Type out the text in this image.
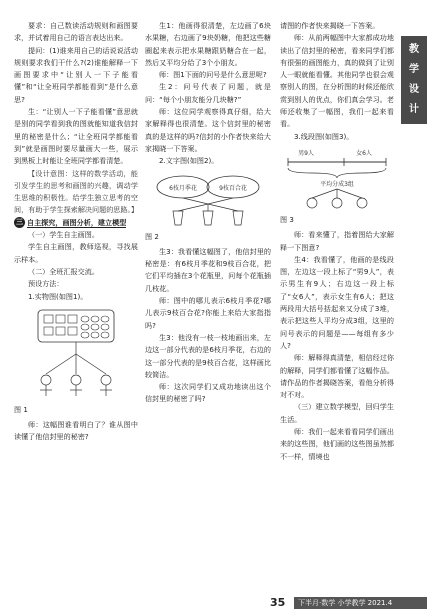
要求：自己数读活动规则和画图要求，并试着用自己的语言表达出来。

提问：(1)谁来用自己的话说说活动规则要求我们干什么?(2)谁能解释一下画图要求中“让别人一下子能看懂”和“让全班同学都能看到”是什么意思?

生：“让别人一下子能看懂”意思就是别的同学看到我的图就能知道我信封里的秘密是什么；“让全班同学都能看到”就是画图时要尽量画大一些，展示到黑板上时能让全班同学都看清楚。

【设计意图：这样的数学活动，能引发学生的思考和画图的兴趣，调动学生思维的积极性。给学生独立思考的空间，有助于学生探索解决问题的思路。】

三 自主探究，画图分析，建立模型

（一）学生自主画图。

学生自主画图，教师巡视，寻找展示样本。

（二）全班汇报交流。

预设方法：

1.实物图(如图1)。

图 1

师：这幅图谁看明白了？谁从图中读懂了他信封里的秘密?

生1：他画得很清楚，左边画了6块水果糖，右边画了9块奶糖，他把这些糖圈起来表示把水果糖跟奶糖合在一起，然后又平均分给了3个小朋友。

师：图1下面的问号是什么意思呢?

生2：问号代表了问题，就是问：“每个小朋友能分几块糖?”

师：这位同学观察得真仔细，给大家解释得也很清楚。这个信封里的秘密真的是这样的吗?信封的小作者快来给大家揭晓一下答案。

2.文字图(如图2)。

6枝月季花	9枝百合花

图 2

生3：我看懂这幅图了，他信封里的秘密是：有6枝月季花和9枝百合花，把它们平均插在3个花瓶里，问每个花瓶插几枝花。

师：图中的哪儿表示6枝月季花?哪儿表示9枝百合花?你能上来给大家指指吗?

生3：他没有一枝一枝地画出来，左边这一部分代表的是6枝月季花，右边的这一部分代表的是9枝百合花，这样画比较简洁。

师：这次同学们又成功地读出这个信封里的秘密了吗?

请图的作者快来揭晓一下答案。

师：从前两幅图中大家都成功地读出了信封里的秘密，看来同学们都有很强的画图能力，真的做到了让别人一眼就能看懂。其他同学也很会观察别人的图，在分析图的时候还能欣赏到别人的优点，你们真会学习。老师还收集了一幅图，我们一起来看看。

3.线段图(如图3)。

男9人	女6人
平均分成3组

图 3

师：看来懂了，指着图给大家解释一下图意?

生4：我看懂了，他画的是线段图，左边这一段上标了“男9人”，表示男生有9人；右边这一段上标了“女6人”，表示女生有6人；把这两段用大括号括起来又分成了3堆，表示把这些人平均分成3组，这里的问号表示的问题是——每组有多少人?

师：解释得真清楚，相信经过你的解释，同学们都看懂了这幅作品。请作品的作者揭晓答案，看他分析得对不对。

（三）建立数学模型，回归学生生活。

师：我们一起来看看同学们画出来的这些图，他们画的这些图虽然都不一样，情境也

教
学
设
计
35	下半月·数学 小学教学 2021.4
